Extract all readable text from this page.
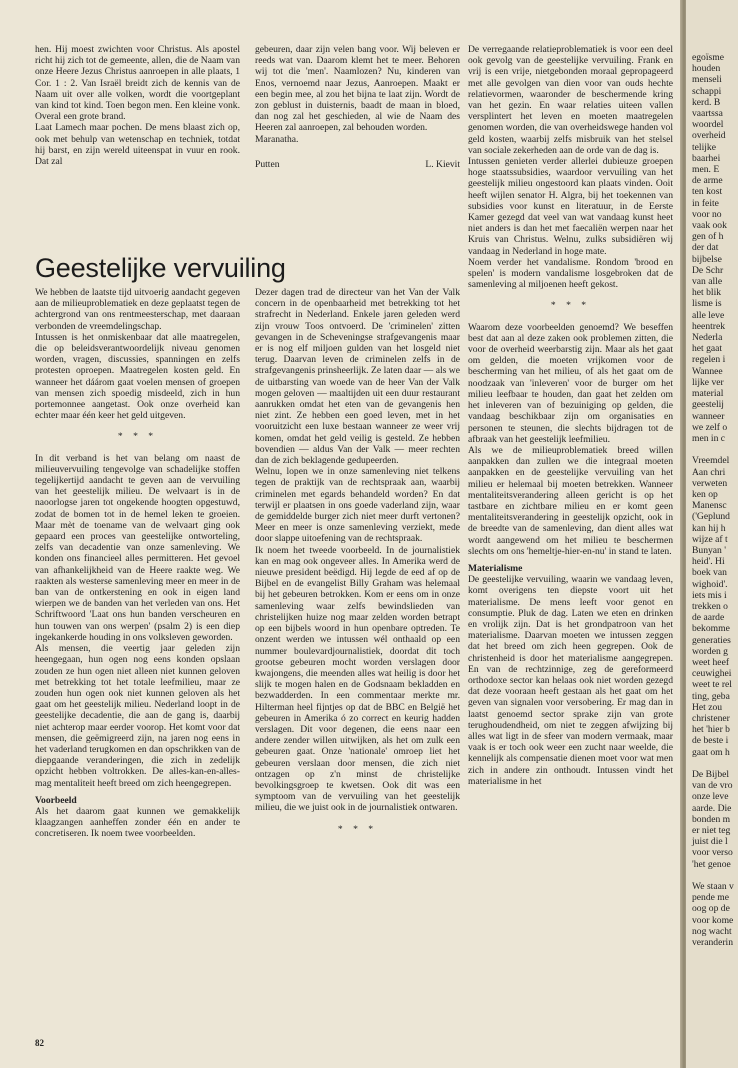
hen. Hij moest zwichten voor Christus. Als apostel richt hij zich tot de gemeente, allen, die de Naam van onze Heere Jezus Christus aanroepen in alle plaats, 1 Cor. 1 : 2. Van Israël breidt zich de kennis van de Naam uit over alle volken, wordt die voortgeplant van kind tot kind. Toen begon men. Een kleine vonk. Overal een grote brand.
Laat Lamech maar pochen. De mens blaast zich op, ook met behulp van wetenschap en techniek, totdat hij barst, en zijn wereld uiteenspat in vuur en rook. Dat zal

gebeuren, daar zijn velen bang voor. Wij beleven er reeds wat van. Daarom klemt het te meer. Behoren wij tot die 'men'. Naamlozen? Nu, kinderen van Enos, vernoemd naar Jezus, Aanroepen. Maakt er een begin mee, al zou het bijna te laat zijn. Wordt de zon geblust in duisternis, baadt de maan in bloed, dan nog zal het geschieden, al wie de Naam des Heeren zal aanroepen, zal behouden worden.
Maranatha.

Putten	L. Kievit
Geestelijke vervuiling

We hebben de laatste tijd uitvoerig aandacht gegeven aan de milieuproblematiek en deze geplaatst tegen de achtergrond van ons rentmeesterschap, met daaraan verbonden de vreemdelingschap.
Intussen is het onmiskenbaar dat alle maatregelen, die op beleidsverantwoordelijk niveau genomen worden, vragen, discussies, spanningen en zelfs protesten oproepen. Maatregelen kosten geld. En wanneer het dáárom gaat voelen mensen of groepen van mensen zich spoedig misdeeld, zich in hun portemonnee aangetast. Ook onze overheid kan echter maar één keer het geld uitgeven.

* * *

In dit verband is het van belang om naast de milieuvervuiling tengevolge van schadelijke stoffen tegelijkertijd aandacht te geven aan de vervuiling van het geestelijk milieu. De welvaart is in de naoorlogse jaren tot ongekende hoogten opgestuwd, zodat de bomen tot in de hemel leken te groeien. Maar mèt de toename van de welvaart ging ook gepaard een proces van geestelijke ontworteling, zelfs van decadentie van onze samenleving. We konden ons financieel alles permitteren. Het gevoel van afhankelijkheid van de Heere raakte weg. We raakten als westerse samenleving meer en meer in de ban van de ontkerstening en ook in eigen land wierpen we de banden van het verleden van ons. Het Schriftwoord 'Laat ons hun banden verscheuren en hun touwen van ons werpen' (psalm 2) is een diep ingekankerde houding in ons volksleven geworden.
Als mensen, die veertig jaar geleden zijn heengegaan, hun ogen nog eens konden opslaan zouden ze hun ogen niet alleen niet kunnen geloven met betrekking tot het totale leefmilieu, maar ze zouden hun ogen ook niet kunnen geloven als het gaat om het geestelijk milieu. Nederland loopt in de geestelijke decadentie, die aan de gang is, daarbij niet achterop maar eerder voorop. Het komt voor dat mensen, die geëmigreerd zijn, na jaren nog eens in het vaderland terugkomen en dan opschrikken van de diepgaande veranderingen, die zich in zedelijk opzicht hebben voltrokken. De alles-kan-en-alles-mag mentaliteit heeft breed om zich heengegrepen.

Voorbeeld

Als het daarom gaat kunnen we gemakkelijk klaagzangen aanheffen zonder één en ander te concretiseren. Ik noem twee voorbeelden.

Dezer dagen trad de directeur van het Van der Valk concern in de openbaarheid met betrekking tot het strafrecht in Nederland. Enkele jaren geleden werd zijn vrouw Toos ontvoerd. De 'criminelen' zitten gevangen in de Scheveningse strafgevangenis maar er is nog elf miljoen gulden van het losgeld niet terug. Daarvan leven de criminelen zelfs in de strafgevangenis prinsheerlijk. Ze laten daar — als we de uitbarsting van woede van de heer Van der Valk mogen geloven — maaltijden uit een duur restaurant aanrukken omdat het eten van de gevangenis hen niet zint. Ze hebben een goed leven, met in het vooruitzicht een luxe bestaan wanneer ze weer vrij komen, omdat het geld veilig is gesteld. Ze hebben bovendien — aldus Van der Valk — meer rechten dan de zich beklagende gedupeerden.
Welnu, lopen we in onze samenleving niet telkens tegen de praktijk van de rechtspraak aan, waarbij criminelen met egards behandeld worden? En dat terwijl er plaatsen in ons goede vaderland zijn, waar de gemiddelde burger zich niet meer durft vertonen? Meer en meer is onze samenleving verziekt, mede door slappe uitoefening van de rechtspraak.
Ik noem het tweede voorbeeld. In de journalistiek kan en mag ook ongeveer alles. In Amerika werd de nieuwe president beëdigd. Hij legde de eed af op de Bijbel en de evangelist Billy Graham was helemaal bij het gebeuren betrokken. Kom er eens om in onze samenleving waar zelfs bewindslieden van christelijken huize nog maar zelden worden betrapt op een bijbels woord in hun openbare optreden. Te onzent werden we intussen wél onthaald op een nummer boulevardjournalistiek, doordat dit toch grootse gebeuren mocht worden verslagen door kwajongens, die meenden alles wat heilig is door het slijk te mogen halen en de Godsnaam bekladden en bezwadderden. In een commentaar merkte mr. Hilterman heel fijntjes op dat de BBC en België het gebeuren in Amerika ó zo correct en keurig hadden verslagen. Dit voor degenen, die eens naar een andere zender willen uitwijken, als het om zulk een gebeuren gaat. Onze 'nationale' omroep liet het gebeuren verslaan door mensen, die zich niet ontzagen op z'n minst de christelijke bevolkingsgroep te kwetsen. Ook dit was een symptoom van de vervuiling van het geestelijk milieu, die we juist ook in de journalistiek ontwaren.

* * *

De verregaande relatieproblematiek is voor een deel ook gevolg van de geestelijke vervuiling. Frank en vrij is een vrije, nietgebonden moraal gepropageerd met alle gevolgen van dien voor van ouds hechte relatievormen, waaronder de beschermende kring van het gezin. En waar relaties uiteen vallen versplintert het leven en moeten maatregelen genomen worden, die van overheidswege handen vol geld kosten, waarbij zelfs misbruik van het stelsel van sociale zekerheden aan de orde van de dag is.
Intussen genieten verder allerlei dubieuze groepen hoge staatssubsidies, waardoor vervuiling van het geestelijk milieu ongestoord kan plaats vinden. Ooit heeft wijlen senator H. Algra, bij het toekennen van subsidies voor kunst en literatuur, in de Eerste Kamer gezegd dat veel van wat vandaag kunst heet niet anders is dan het met faecaliën werpen naar het Kruis van Christus. Welnu, zulks subsidiëren wij vandaag in Nederland in hoge mate.
Noem verder het vandalisme. Rondom 'brood en spelen' is modern vandalisme losgebroken dat de samenleving al miljoenen heeft gekost.

* * *

Waarom deze voorbeelden genoemd? We beseffen best dat aan al deze zaken ook problemen zitten, die voor de overheid weerbarstig zijn. Maar als het gaat om gelden, die moeten vrijkomen voor de bescherming van het milieu, of als het gaat om de noodzaak van 'inleveren' voor de burger om het milieu leefbaar te houden, dan gaat het zelden om het inleveren van of bezuiniging op gelden, die vandaag beschikbaar zijn om organisaties en personen te steunen, die slechts bijdragen tot de afbraak van het geestelijk leefmilieu.
Als we de milieuproblematiek breed willen aanpakken dan zullen we die integraal moeten aanpakken en de geestelijke vervuiling van het milieu er helemaal bij moeten betrekken. Wanneer mentaliteitsverandering alleen gericht is op het tastbare en zichtbare milieu en er komt geen mentaliteitsverandering in geestelijk opzicht, ook in de breedte van de samenleving, dan dient alles wat wordt aangewend om het milieu te beschermen slechts om ons 'hemeltje-hier-en-nu' in stand te laten.

Materialisme

De geestelijke vervuiling, waarin we vandaag leven, komt overigens ten diepste voort uit het materialisme. De mens leeft voor genot en consumptie. Pluk de dag. Laten we eten en drinken en vrolijk zijn. Dat is het grondpatroon van het materialisme. Daarvan moeten we intussen zeggen dat het breed om zich heen gegrepen. Ook de christenheid is door het materialisme aangegrepen. En van de rechtzinnige, zeg de gereformeerd orthodoxe sector kan helaas ook niet worden gezegd dat deze vooraan heeft gestaan als het gaat om het geven van signalen voor versobering. Er mag dan in laatst genoemd sector sprake zijn van grote terughoudendheid, om niet te zeggen afwijzing bij alles wat ligt in de sfeer van modern vermaak, maar vaak is er toch ook weer een zucht naar weelde, die kennelijk als compensatie dienen moet voor wat men zich in andere zin onthoudt. Intussen vindt het materialisme in het

82
egoïsme
houden
menseli
schappi
kerd. B
vaartssa
woordel
overheid
telijke
baarhei
men. E
de arme
ten kost
in feite
voor no
vaak ook
gen of h
der dat
bijbelse
De Schr
van alle
het blik
lisme is
alle leve
heentrek
Nederla
het gaat
regelen i
Wannee
lijke ver
material
geestelij
wanneer
we zelf o
men in c

Vreemdel
Aan chri
verweten
ken op
Manensc
('Geplund
kan hij h
wijze af t
Bunyan '
heid'. Hi
boek van
wighoid'.
iets mis i
trekken o
de aarde
bekomme
generaties
worden g
weet heef
ceuwighei
weet te rel
ting, geba
Het zou
christener
het 'hier b
de beste i
gaat om h

De Bijbel
van de vro
onze leve
aarde. Die
bonden m
er niet teg
juist die l
voor verso
'het genoe

We staan v
pende me
oog op de
voor kome
nog wacht
veranderin
